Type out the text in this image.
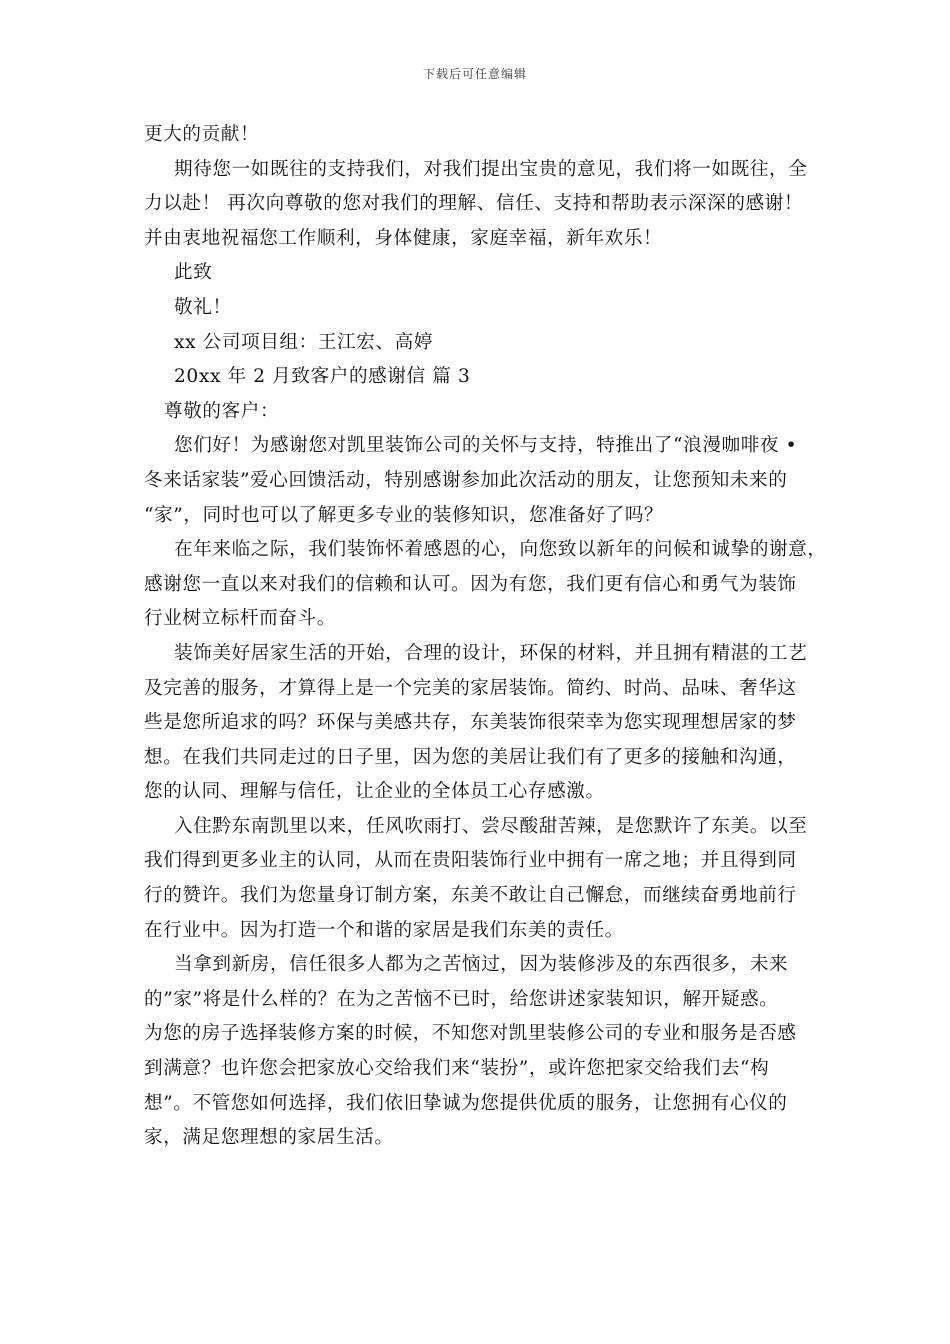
下载后可任意编辑
更大的贡献！
期待您一如既往的支持我们，对我们提出宝贵的意见，我们将一如既往，全
力以赴！ 再次向尊敬的您对我们的理解、信任、支持和帮助表示深深的感谢！
并由衷地祝福您工作顺利，身体健康，家庭幸福，新年欢乐！
此致
敬礼！
xx 公司项目组：王江宏、高婷
20xx 年 2 月致客户的感谢信 篇 3
尊敬的客户：
您们好！为感谢您对凯里装饰公司的关怀与支持，特推出了“浪漫咖啡夜 •
冬来话家装”爱心回馈活动，特别感谢参加此次活动的朋友，让您预知未来的
“家”，同时也可以了解更多专业的装修知识，您准备好了吗？
在年来临之际，我们装饰怀着感恩的心，向您致以新年的问候和诚挚的谢意，
感谢您一直以来对我们的信赖和认可。因为有您，我们更有信心和勇气为装饰
行业树立标杆而奋斗。
装饰美好居家生活的开始，合理的设计，环保的材料，并且拥有精湛的工艺
及完善的服务，才算得上是一个完美的家居装饰。简约、时尚、品味、奢华这
些是您所追求的吗？环保与美感共存，东美装饰很荣幸为您实现理想居家的梦
想。在我们共同走过的日子里，因为您的美居让我们有了更多的接触和沟通，
您的认同、理解与信任，让企业的全体员工心存感激。
入住黔东南凯里以来，任风吹雨打、尝尽酸甜苦辣，是您默许了东美。以至
我们得到更多业主的认同，从而在贵阳装饰行业中拥有一席之地；并且得到同
行的赞许。我们为您量身订制方案，东美不敢让自己懈怠，而继续奋勇地前行
在行业中。因为打造一个和谐的家居是我们东美的责任。
当拿到新房，信任很多人都为之苦恼过，因为装修涉及的东西很多，未来
的”家”将是什么样的？在为之苦恼不已时，给您讲述家装知识，解开疑惑。
为您的房子选择装修方案的时候，不知您对凯里装修公司的专业和服务是否感
到满意？也许您会把家放心交给我们来“装扮”，或许您把家交给我们去“构
想”。不管您如何选择，我们依旧挚诚为您提供优质的服务，让您拥有心仪的
家，满足您理想的家居生活。
